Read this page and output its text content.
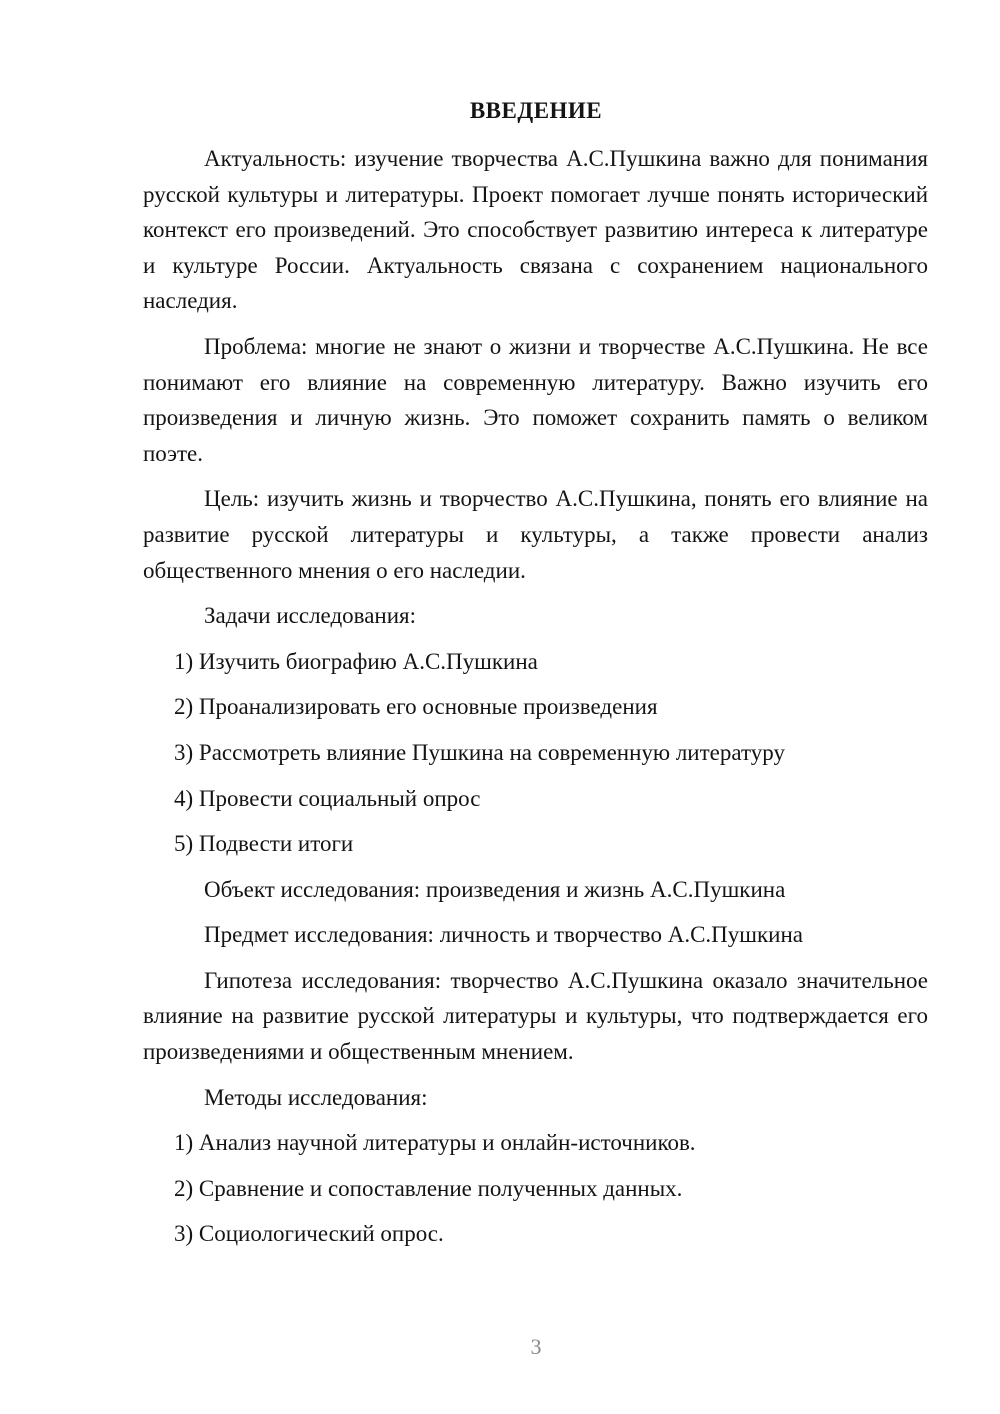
ВВЕДЕНИЕ

Актуальность: изучение творчества А.С.Пушкина важно для понимания русской культуры и литературы. Проект помогает лучше понять исторический контекст его произведений. Это способствует развитию интереса к литературе и культуре России. Актуальность связана с сохранением национального наследия.

Проблема: многие не знают о жизни и творчестве А.С.Пушкина. Не все понимают его влияние на современную литературу. Важно изучить его произведения и личную жизнь. Это поможет сохранить память о великом поэте.

Цель: изучить жизнь и творчество А.С.Пушкина, понять его влияние на развитие русской литературы и культуры, а также провести анализ общественного мнения о его наследии.

Задачи исследования:

1) Изучить биографию А.С.Пушкина

2) Проанализировать его основные произведения

3) Рассмотреть влияние Пушкина на современную литературу

4) Провести социальный опрос

5) Подвести итоги

Объект исследования: произведения и жизнь А.С.Пушкина

Предмет исследования: личность и творчество А.С.Пушкина

Гипотеза исследования: творчество А.С.Пушкина оказало значительное влияние на развитие русской литературы и культуры, что подтверждается его произведениями и общественным мнением.

Методы исследования:

1) Анализ научной литературы и онлайн-источников.

2) Сравнение и сопоставление полученных данных.

3) Социологический опрос.

3
